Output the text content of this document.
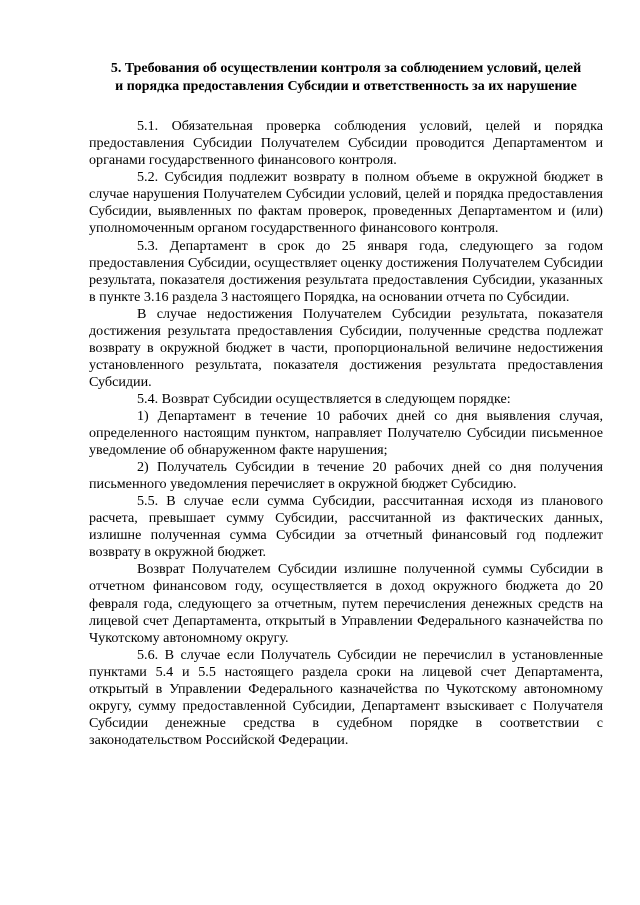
5. Требования об осуществлении контроля за соблюдением условий, целей
и порядка предоставления Субсидии и ответственность за их нарушение

5.1. Обязательная проверка соблюдения условий, целей и порядка предоставления Субсидии Получателем Субсидии проводится Департаментом и органами государственного финансового контроля.

5.2. Субсидия подлежит возврату в полном объеме в окружной бюджет в случае нарушения Получателем Субсидии условий, целей и порядка предоставления Субсидии, выявленных по фактам проверок, проведенных Департаментом и (или) уполномоченным органом государственного финансового контроля.

5.3. Департамент в срок до 25 января года, следующего за годом предоставления Субсидии, осуществляет оценку достижения Получателем Субсидии результата, показателя достижения результата предоставления Субсидии, указанных в пункте 3.16 раздела 3 настоящего Порядка, на основании отчета по Субсидии.

В случае недостижения Получателем Субсидии результата, показателя достижения результата предоставления Субсидии, полученные средства подлежат возврату в окружной бюджет в части, пропорциональной величине недостижения установленного результата, показателя достижения результата предоставления Субсидии.

5.4. Возврат Субсидии осуществляется в следующем порядке:

1) Департамент в течение 10 рабочих дней со дня выявления случая, определенного настоящим пунктом, направляет Получателю Субсидии письменное уведомление об обнаруженном факте нарушения;

2) Получатель Субсидии в течение 20 рабочих дней со дня получения письменного уведомления перечисляет в окружной бюджет Субсидию.

5.5. В случае если сумма Субсидии, рассчитанная исходя из планового расчета, превышает сумму Субсидии, рассчитанной из фактических данных, излишне полученная сумма Субсидии за отчетный финансовый год подлежит возврату в окружной бюджет.

Возврат Получателем Субсидии излишне полученной суммы Субсидии в отчетном финансовом году, осуществляется в доход окружного бюджета до 20 февраля года, следующего за отчетным, путем перечисления денежных средств на лицевой счет Департамента, открытый в Управлении Федерального казначейства по Чукотскому автономному округу.

5.6. В случае если Получатель Субсидии не перечислил в установленные пунктами 5.4 и 5.5 настоящего раздела сроки на лицевой счет Департамента, открытый в Управлении Федерального казначейства по Чукотскому автономному округу, сумму предоставленной Субсидии, Департамент взыскивает с Получателя Субсидии денежные средства в судебном порядке в соответствии с законодательством Российской Федерации.
